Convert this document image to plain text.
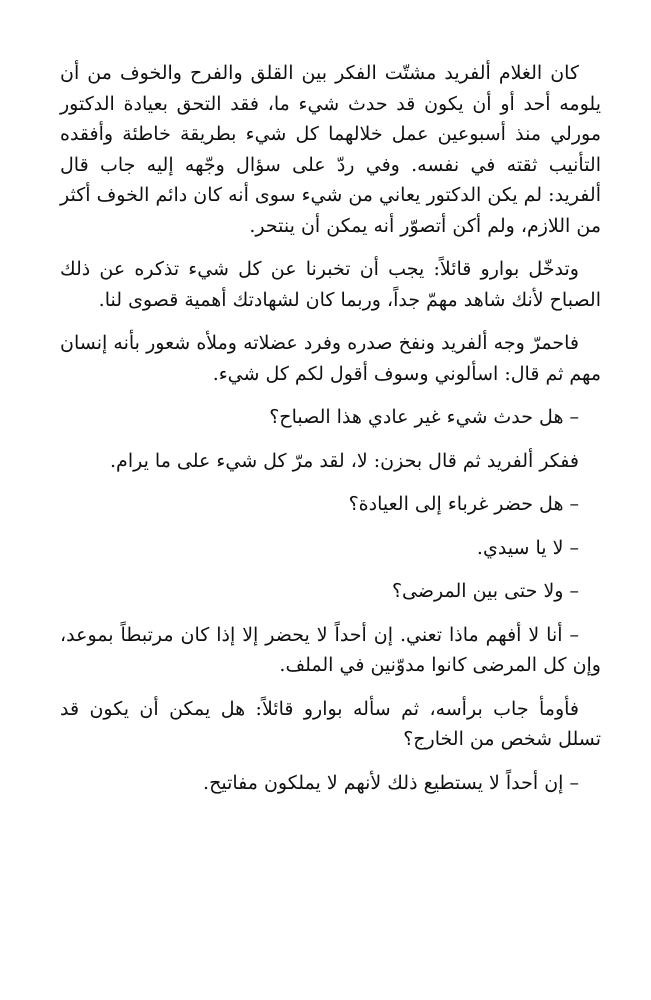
كان الغلام ألفريد مشتّت الفكر بين القلق والفرح والخوف من أن يلومه أحد أو أن يكون قد حدث شيء ما، فقد التحق بعيادة الدكتور مورلي منذ أسبوعين عمل خلالهما كل شيء بطريقة خاطئة وأفقده التأنيب ثقته في نفسه. وفي ردّ على سؤال وجّهه إليه جاب قال ألفريد: لم يكن الدكتور يعاني من شيء سوى أنه كان دائم الخوف أكثر من اللازم، ولم أكن أتصوّر أنه يمكن أن ينتحر.

وتدخّل بوارو قائلاً: يجب أن تخبرنا عن كل شيء تذكره عن ذلك الصباح لأنك شاهد مهمّ جداً، وربما كان لشهادتك أهمية قصوى لنا.

فاحمرّ وجه ألفريد ونفخ صدره وفرد عضلاته وملأه شعور بأنه إنسان مهم ثم قال: اسألوني وسوف أقول لكم كل شيء.

– هل حدث شيء غير عادي هذا الصباح؟

ففكر ألفريد ثم قال بحزن: لا، لقد مرّ كل شيء على ما يرام.

– هل حضر غرباء إلى العيادة؟

– لا يا سيدي.

– ولا حتى بين المرضى؟

– أنا لا أفهم ماذا تعني. إن أحداً لا يحضر إلا إذا كان مرتبطاً بموعد، وإن كل المرضى كانوا مدوّنين في الملف.

فأومأ جاب برأسه، ثم سأله بوارو قائلاً: هل يمكن أن يكون قد تسلل شخص من الخارج؟

– إن أحداً لا يستطيع ذلك لأنهم لا يملكون مفاتيح.
